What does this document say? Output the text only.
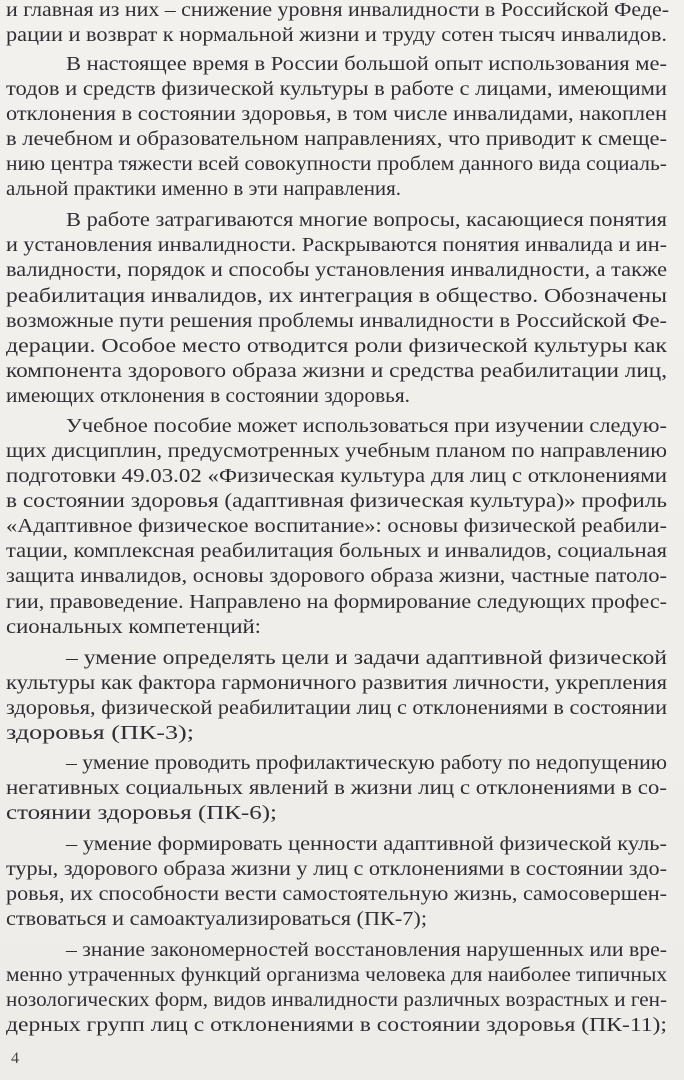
и главная из них – снижение уровня инвалидности в Российской Феде-
рации и возврат к нормальной жизни и труду сотен тысяч инвалидов.
В настоящее время в России большой опыт использования ме-
тодов и средств физической культуры в работе с лицами, имеющими
отклонения в состоянии здоровья, в том числе инвалидами, накоплен
в лечебном и образовательном направлениях, что приводит к смеще-
нию центра тяжести всей совокупности проблем данного вида социаль-
альной практики именно в эти направления.
В работе затрагиваются многие вопросы, касающиеся понятия
и установления инвалидности. Раскрываются понятия инвалида и ин-
валидности, порядок и способы установления инвалидности, а также
реабилитация инвалидов, их интеграция в общество. Обозначены
возможные пути решения проблемы инвалидности в Российской Фе-
дерации. Особое место отводится роли физической культуры как
компонента здорового образа жизни и средства реабилитации лиц,
имеющих отклонения в состоянии здоровья.
Учебное пособие может использоваться при изучении следую-
щих дисциплин, предусмотренных учебным планом по направлению
подготовки 49.03.02 «Физическая культура для лиц с отклонениями
в состоянии здоровья (адаптивная физическая культура)» профиль
«Адаптивное физическое воспитание»: основы физической реабили-
тации, комплексная реабилитация больных и инвалидов, социальная
защита инвалидов, основы здорового образа жизни, частные патоло-
гии, правоведение. Направлено на формирование следующих профес-
сиональных компетенций:
– умение определять цели и задачи адаптивной физической
культуры как фактора гармоничного развития личности, укрепления
здоровья, физической реабилитации лиц с отклонениями в состоянии
здоровья (ПК-3);
– умение проводить профилактическую работу по недопущению
негативных социальных явлений в жизни лиц с отклонениями в со-
стоянии здоровья (ПК-6);
– умение формировать ценности адаптивной физической куль-
туры, здорового образа жизни у лиц с отклонениями в состоянии здо-
ровья, их способности вести самостоятельную жизнь, самосовершен-
ствоваться и самоактуализироваться (ПК-7);
– знание закономерностей восстановления нарушенных или вре-
менно утраченных функций организма человека для наиболее типичных
нозологических форм, видов инвалидности различных возрастных и ген-
дерных групп лиц с отклонениями в состоянии здоровья (ПК-11);
4
